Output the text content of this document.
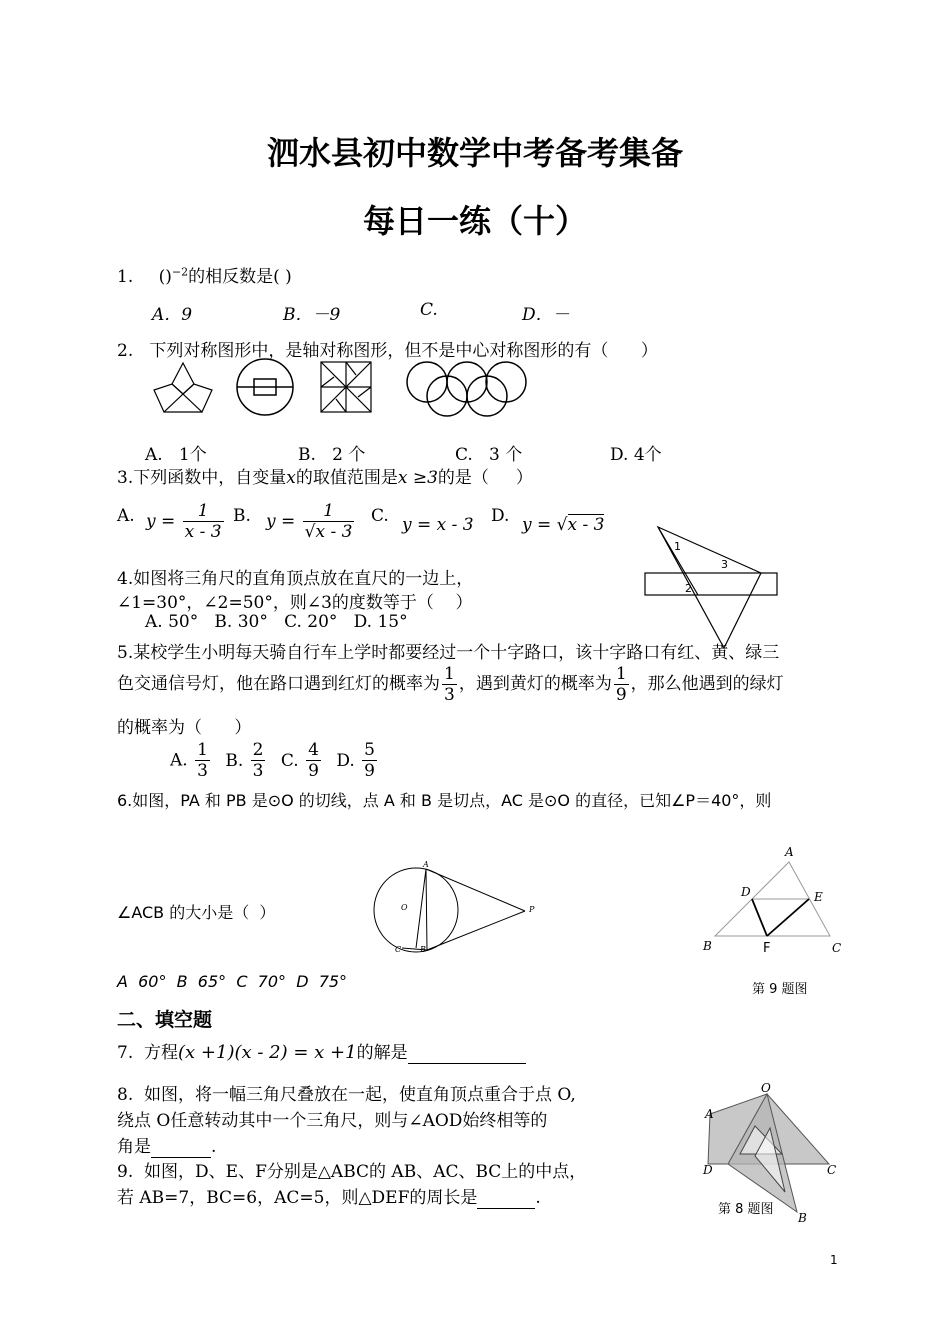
泗水县初中数学中考备考集备
每日一练（十）
1. ()$^{-2}$的相反数是( )
A．9	B．－9	C.	D．－
2.   下列对称图形中，是轴对称图形，但不是中心对称图形的有（      ）
A.   1个	B.   2 个	C.   3 个	D. 4个
3.下列函数中，自变量x的取值范围是x ≥3的是（     ）
A. $y = \frac{1}{x - 3} B$. $y = \frac{1}{√x - 3} C$. y = x - 3 D. y = √x - 3
1
2
3
4.如图将三角尺的直角顶点放在直尺的一边上，
∠1=30°，∠2=50°，则∠3的度数等于（    ）
A. 50°   B. 30°   C. 20°   D. 15°
5.某校学生小明每天骑自行车上学时都要经过一个十字路口，该十字路口有红、黄、绿三
色交通信号灯，他在路口遇到红灯的概率为 $\frac{1}{3}$ ，遇到黄灯的概率为 $\frac{1}{9}$ ，那么他遇到的绿灯
的概率为（      ）
A. $\frac{1}{3} B$. $\frac{2}{3} C$. $\frac{4}{9} D$. $\frac{5}{9}$
6.如图，PA 和 PB 是⊙O 的切线，点 A 和 B 是切点，AC 是⊙O 的直径，已知∠P＝40°，则
∠ACB 的大小是（  ）
A  60°  B  65°  C  70°  D  75°
A
O
C B
P
A
D	E
B	C
F
第 9 题图
二、填空题
7.  方程(x +1)(x - 2) = x +1的解是
8.  如图，将一幅三角尺叠放在一起，使直角顶点重合于点 O,
绕点 O任意转动其中一个三角尺，则与∠AOD始终相等的
角是	.
9.  如图，D、E、F分别是△ABC的 AB、AC、BC上的中点，
若 AB=7，BC=6，AC=5，则△DEF的周长是	.
O
A
D	C
B
第 8 题图
1
